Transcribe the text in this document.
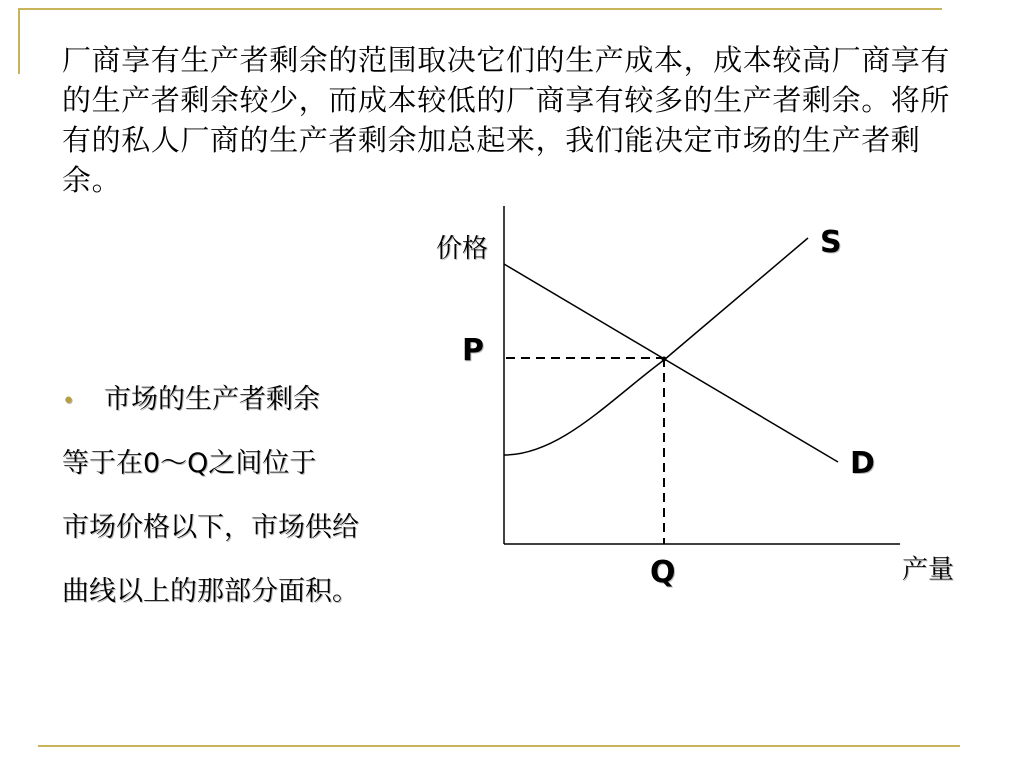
厂商享有生产者剩余的范围取决它们的生产成本，成本较高厂商享有的生产者剩余较少，而成本较低的厂商享有较多的生产者剩余。将所有的私人厂商的生产者剩余加总起来，我们能决定市场的生产者剩余。
• 市场的生产者剩余
等于在0～Q之间位于
市场价格以下，市场供给
曲线以上的那部分面积。
价格
产量
S
D
P
Q
